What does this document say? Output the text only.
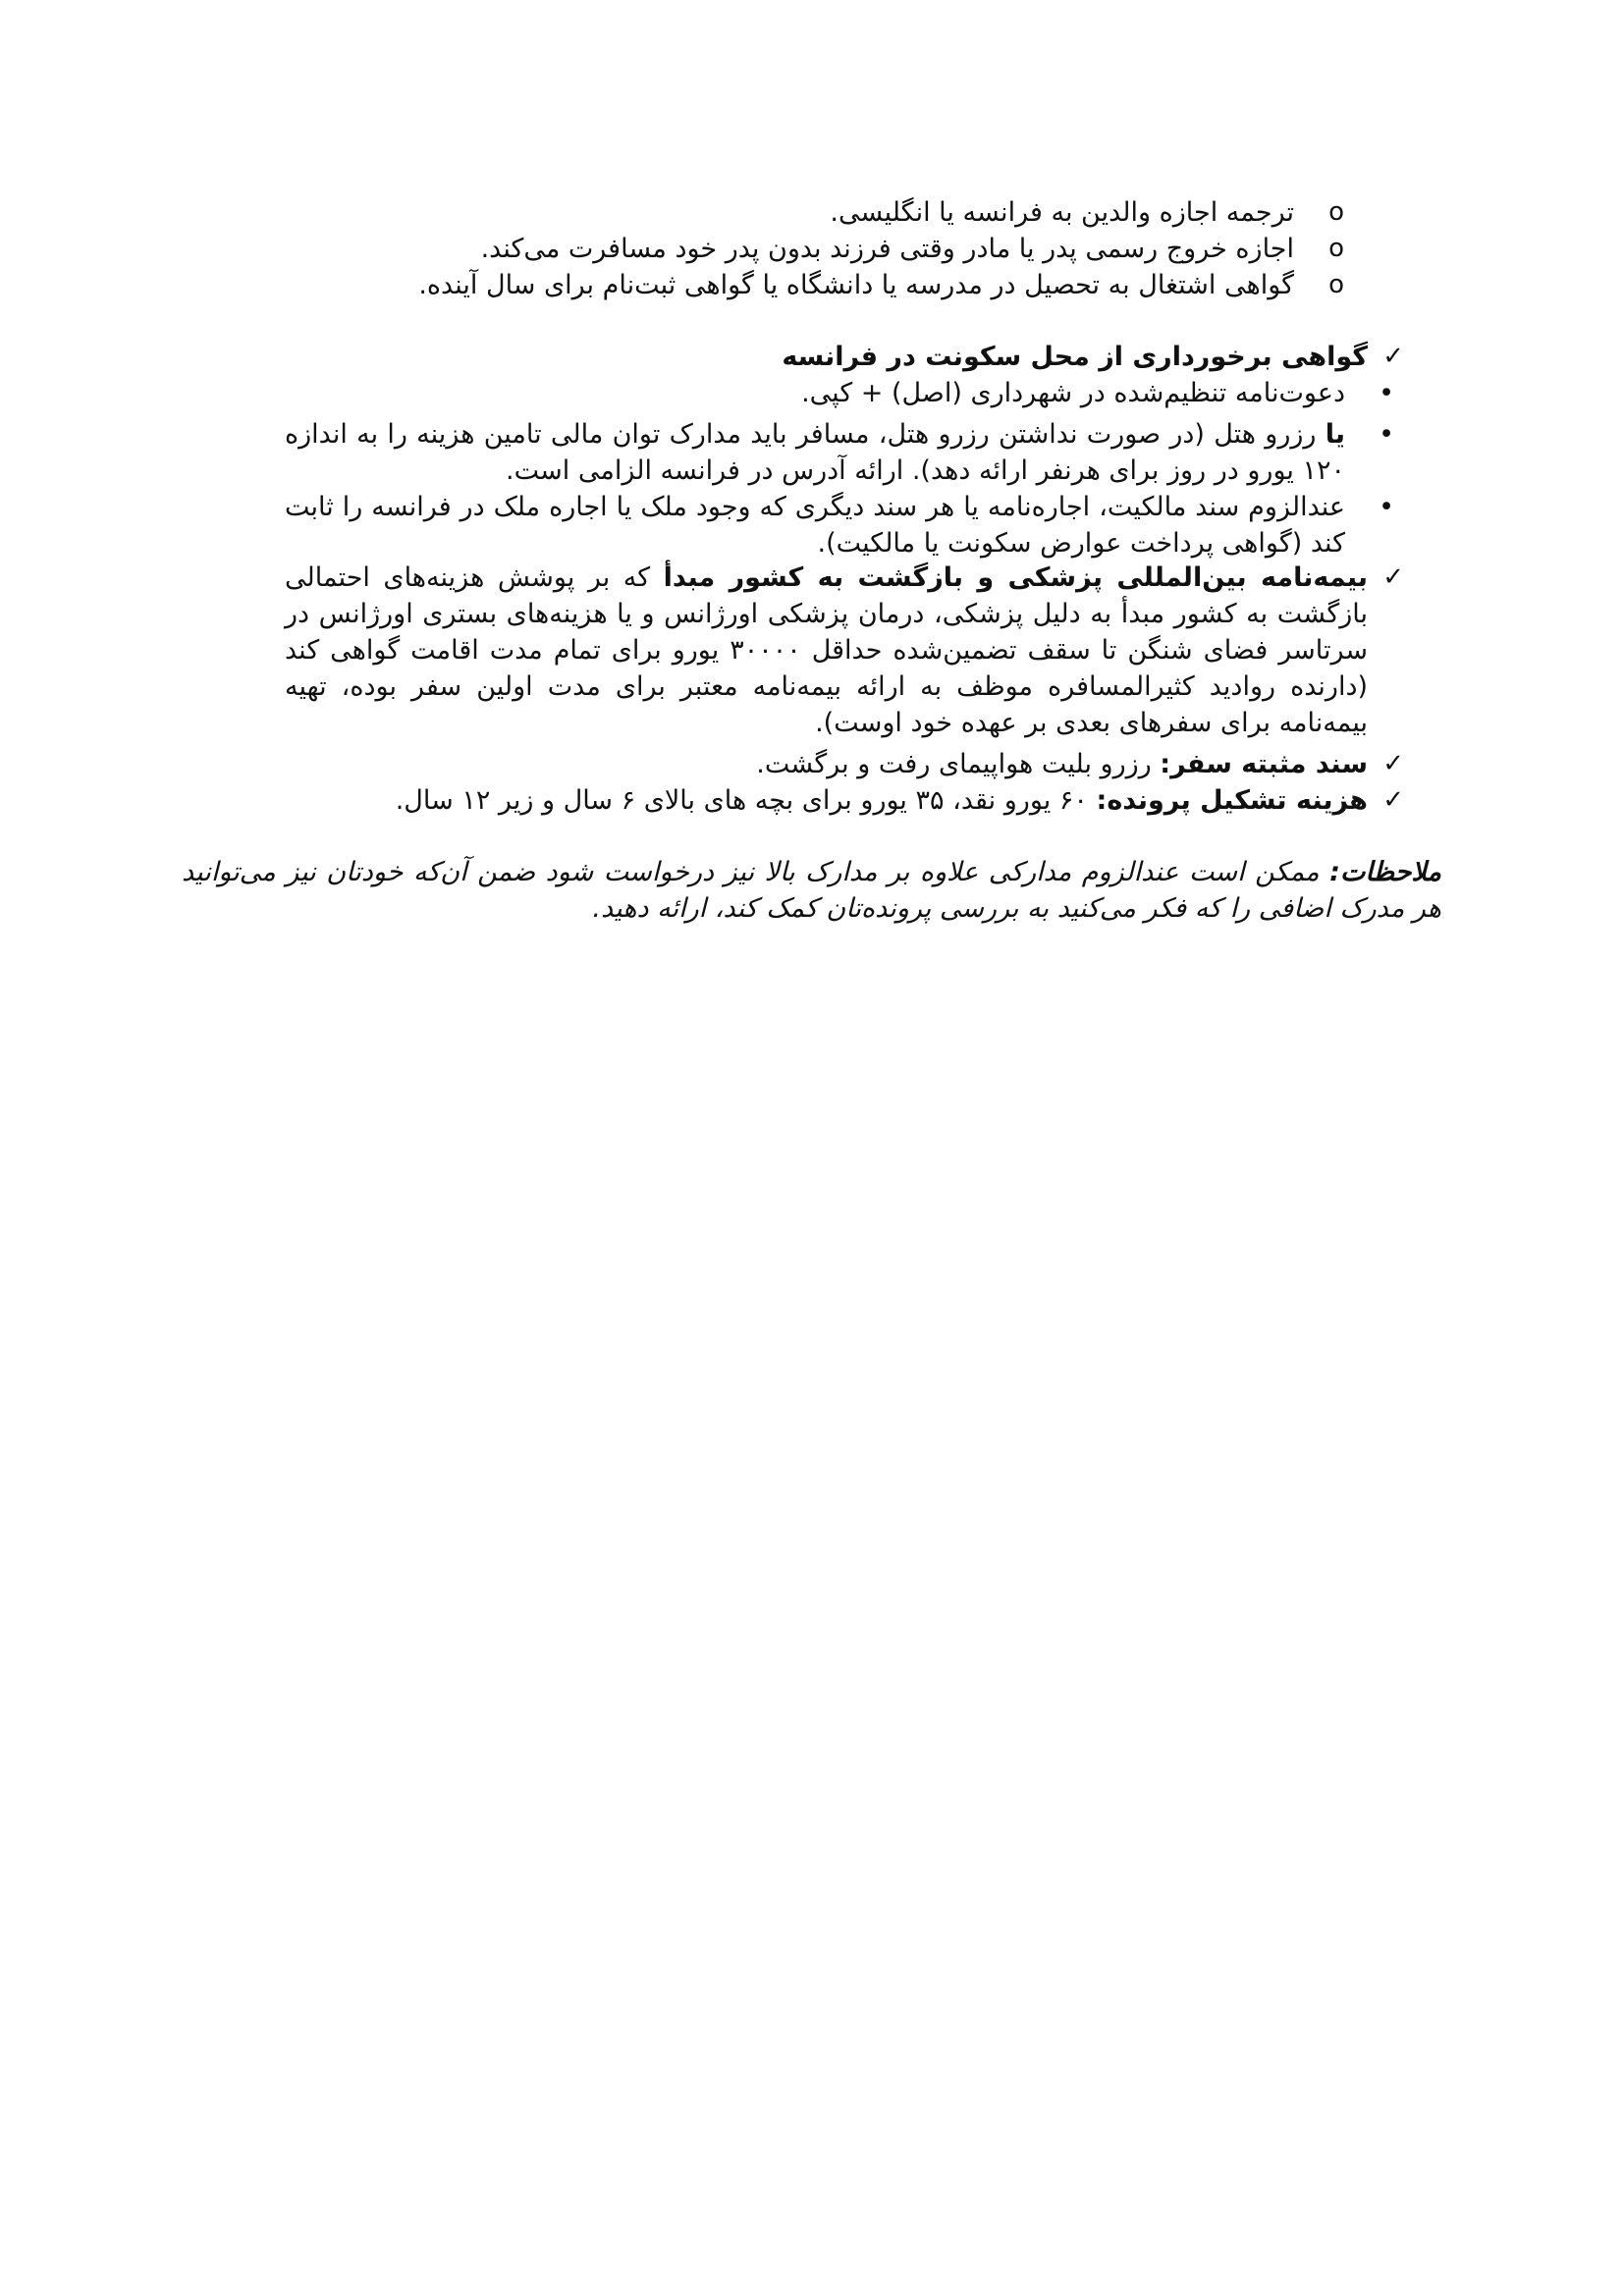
o
ترجمه اجازه والدین به فرانسه یا انگلیسی.
o
اجازه خروج رسمی پدر یا مادر وقتی فرزند بدون پدر خود مسافرت می‌کند.
o
گواهی اشتغال به تحصیل در مدرسه یا دانشگاه یا گواهی ثبت‌نام برای سال آینده.
✓
گواهی برخورداری از محل سکونت در فرانسه
•
دعوت‌نامه تنظیم‌شده در شهرداری (اصل) + کپی.
•
یا رزرو هتل (در صورت نداشتن رزرو هتل، مسافر باید مدارک توان مالی تامین هزینه را به اندازه ۱۲۰ یورو در روز برای هرنفر ارائه دهد). ارائه آدرس در فرانسه الزامی است.
•
عندالزوم سند مالکیت، اجاره‌نامه یا هر سند دیگری که وجود ملک یا اجاره ملک در فرانسه را ثابت کند (گواهی پرداخت عوارض سکونت یا مالکیت).
✓
بیمه‌نامه بین‌المللی پزشکی و بازگشت به کشور مبدأ که بر پوشش هزینه‌های احتمالی بازگشت به کشور مبدأ به دلیل پزشکی، درمان پزشکی اورژانس و یا هزینه‌های بستری اورژانس در سرتاسر فضای شنگن تا سقف تضمین‌شده حداقل ۳۰۰۰۰ یورو برای تمام مدت اقامت گواهی کند (دارنده روادید کثیرالمسافره موظف به ارائه بیمه‌نامه معتبر برای مدت اولین سفر بوده، تهیه بیمه‌نامه برای سفرهای بعدی بر عهده خود اوست).
✓
سند مثبته سفر: رزرو بلیت هواپیمای رفت و برگشت.
✓
هزینه تشکیل پرونده: ۶۰ یورو نقد، ۳۵ یورو برای بچه های بالای ۶ سال و زیر ۱۲ سال.
ملاحظات: ممکن است عندالزوم مدارکی علاوه بر مدارک بالا نیز درخواست شود ضمن آن‌که خودتان نیز می‌توانید هر مدرک اضافی را که فکر می‌کنید به بررسی پرونده‌تان کمک کند، ارائه دهید.
